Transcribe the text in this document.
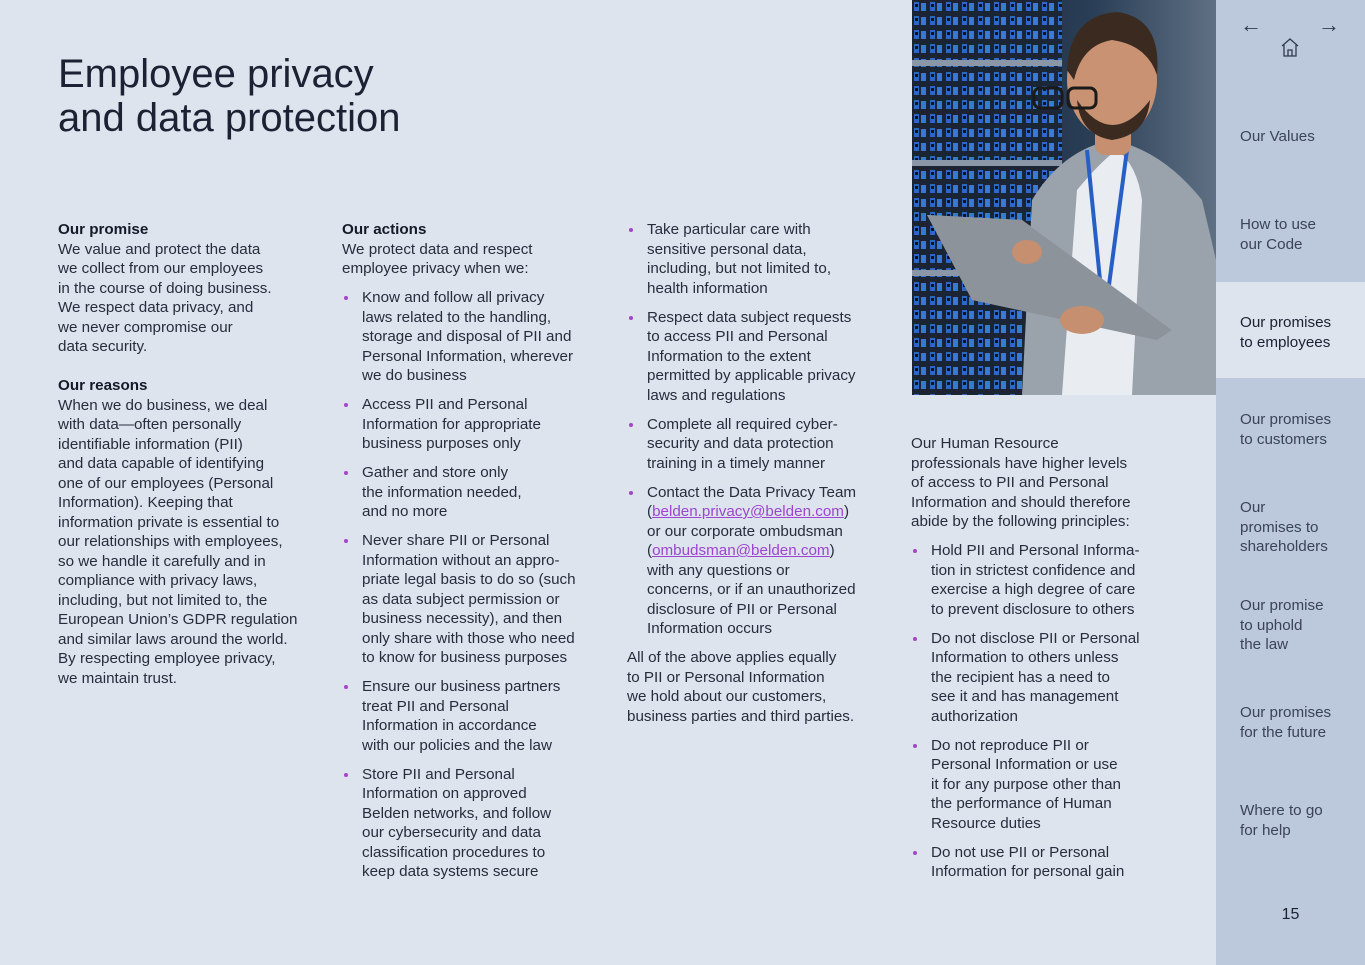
Employee privacy
and data protection
Our promise

We value and protect the data
we collect from our employees
in the course of doing business.
We respect data privacy, and
we never compromise our
data security.

Our reasons

When we do business, we deal
with data—often personally
identifiable information (PII)
and data capable of identifying
one of our employees (Personal
Information). Keeping that
information private is essential to
our relationships with employees,
so we handle it carefully and in
compliance with privacy laws,
including, but not limited to, the
European Union’s GDPR regulation
and similar laws around the world.
By respecting employee privacy,
we maintain trust.

Our actions

We protect data and respect
employee privacy when we:

Know and follow all privacy
laws related to the handling,
storage and disposal of PII and
Personal Information, wherever
we do business
Access PII and Personal
Information for appropriate
business purposes only
Gather and store only
the information needed,
and no more
Never share PII or Personal
Information without an appro-
priate legal basis to do so (such
as data subject permission or
business necessity), and then
only share with those who need
to know for business purposes
Ensure our business partners
treat PII and Personal
Information in accordance
with our policies and the law
Store PII and Personal
Information on approved
Belden networks, and follow
our cybersecurity and data
classification procedures to
keep data systems secure
Take particular care with
sensitive personal data,
including, but not limited to,
health information
Respect data subject requests
to access PII and Personal
Information to the extent
permitted by applicable privacy
laws and regulations
Complete all required cyber-
security and data protection
training in a timely manner
Contact the Data Privacy Team
(belden.privacy@belden.com)
or our corporate ombudsman
(ombudsman@belden.com)
with any questions or
concerns, or if an unauthorized
disclosure of PII or Personal
Information occurs

All of the above applies equally
to PII or Personal Information
we hold about our customers,
business parties and third parties.

Our Human Resource
professionals have higher levels
of access to PII and Personal
Information and should therefore
abide by the following principles:

Hold PII and Personal Informa-
tion in strictest confidence and
exercise a high degree of care
to prevent disclosure to others
Do not disclose PII or Personal
Information to others unless
the recipient has a need to
see it and has management
authorization
Do not reproduce PII or
Personal Information or use
it for any purpose other than
the performance of Human
Resource duties
Do not use PII or Personal
Information for personal gain
←	→
Our Values
How to use
our Code
Our promises
to employees
Our promises
to customers
Our
promises to
shareholders
Our promise
to uphold
the law
Our promises
for the future
Where to go
for help
15
